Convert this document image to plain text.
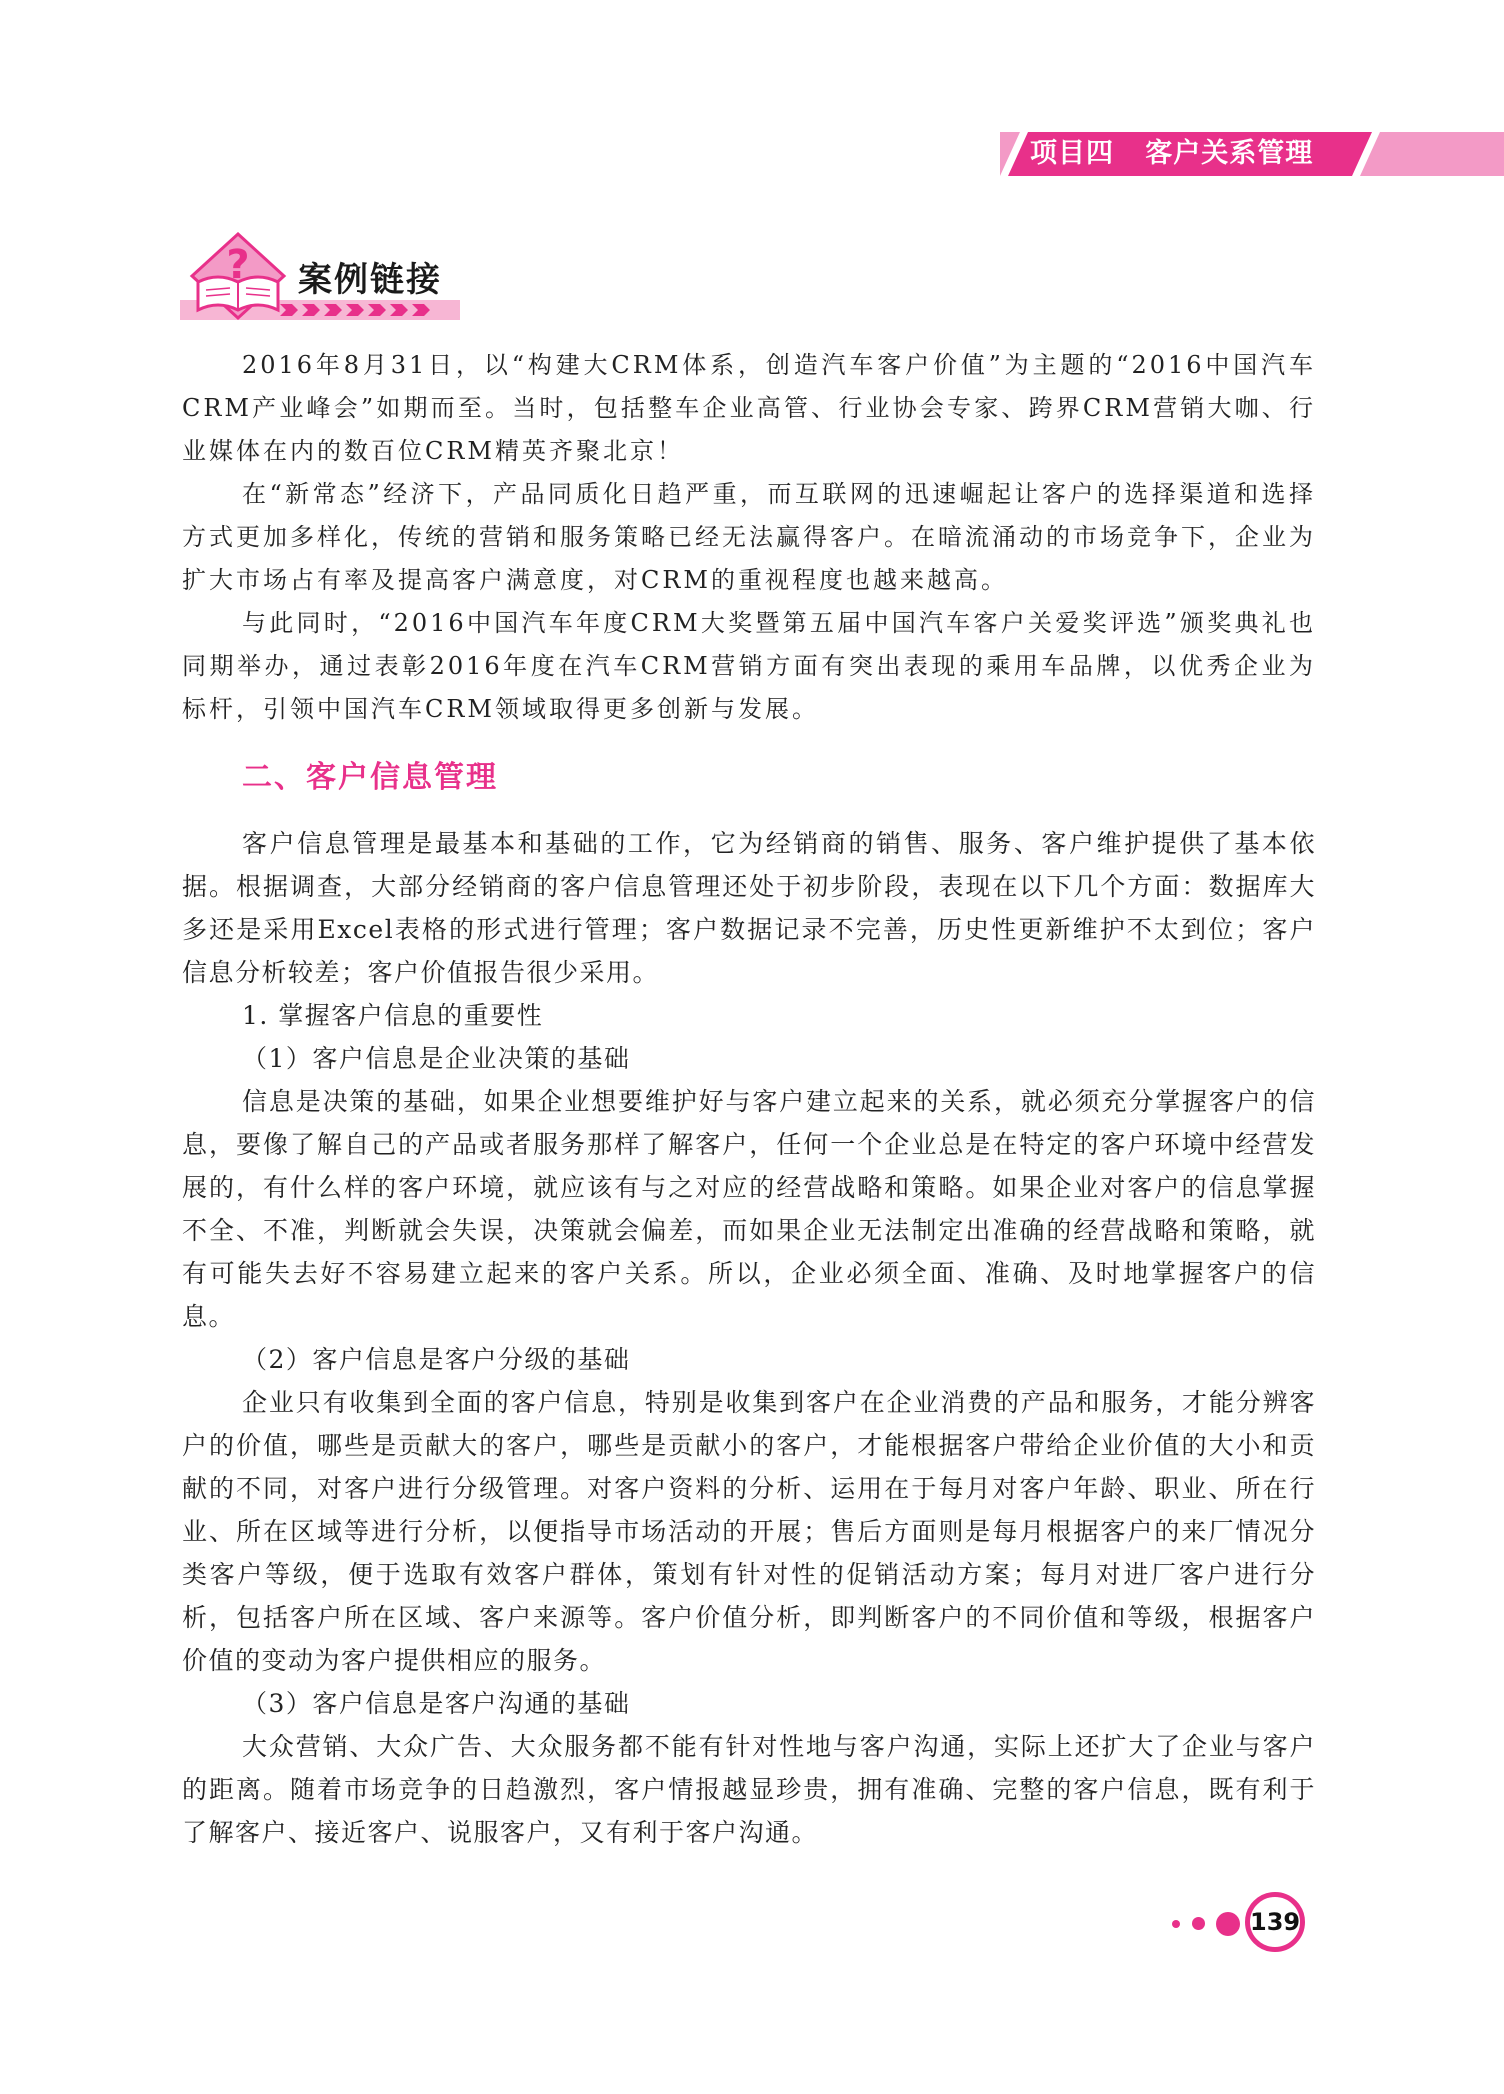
项目四 客户关系管理
? 案例链接

2016年8月31日，以“构建大CRM体系，创造汽车客户价值”为主题的“2016中国汽车CRM产业峰会”如期而至。当时，包括整车企业高管、行业协会专家、跨界CRM营销大咖、行业媒体在内的数百位CRM精英齐聚北京！

在“新常态”经济下，产品同质化日趋严重，而互联网的迅速崛起让客户的选择渠道和选择方式更加多样化，传统的营销和服务策略已经无法赢得客户。在暗流涌动的市场竞争下，企业为扩大市场占有率及提高客户满意度，对CRM的重视程度也越来越高。

与此同时，“2016中国汽车年度CRM大奖暨第五届中国汽车客户关爱奖评选”颁奖典礼也同期举办，通过表彰2016年度在汽车CRM营销方面有突出表现的乘用车品牌，以优秀企业为标杆，引领中国汽车CRM领域取得更多创新与发展。

二、客户信息管理

客户信息管理是最基本和基础的工作，它为经销商的销售、服务、客户维护提供了基本依据。根据调查，大部分经销商的客户信息管理还处于初步阶段，表现在以下几个方面：数据库大多还是采用Excel表格的形式进行管理；客户数据记录不完善，历史性更新维护不太到位；客户信息分析较差；客户价值报告很少采用。

1. 掌握客户信息的重要性

（1）客户信息是企业决策的基础

信息是决策的基础，如果企业想要维护好与客户建立起来的关系，就必须充分掌握客户的信息，要像了解自己的产品或者服务那样了解客户，任何一个企业总是在特定的客户环境中经营发展的，有什么样的客户环境，就应该有与之对应的经营战略和策略。如果企业对客户的信息掌握不全、不准，判断就会失误，决策就会偏差，而如果企业无法制定出准确的经营战略和策略，就有可能失去好不容易建立起来的客户关系。所以，企业必须全面、准确、及时地掌握客户的信息。

（2）客户信息是客户分级的基础

企业只有收集到全面的客户信息，特别是收集到客户在企业消费的产品和服务，才能分辨客户的价值，哪些是贡献大的客户，哪些是贡献小的客户，才能根据客户带给企业价值的大小和贡献的不同，对客户进行分级管理。对客户资料的分析、运用在于每月对客户年龄、职业、所在行业、所在区域等进行分析，以便指导市场活动的开展；售后方面则是每月根据客户的来厂情况分类客户等级，便于选取有效客户群体，策划有针对性的促销活动方案；每月对进厂客户进行分析，包括客户所在区域、客户来源等。客户价值分析，即判断客户的不同价值和等级，根据客户价值的变动为客户提供相应的服务。

（3）客户信息是客户沟通的基础

大众营销、大众广告、大众服务都不能有针对性地与客户沟通，实际上还扩大了企业与客户的距离。随着市场竞争的日趋激烈，客户情报越显珍贵，拥有准确、完整的客户信息，既有利于了解客户、接近客户、说服客户，又有利于客户沟通。

139
